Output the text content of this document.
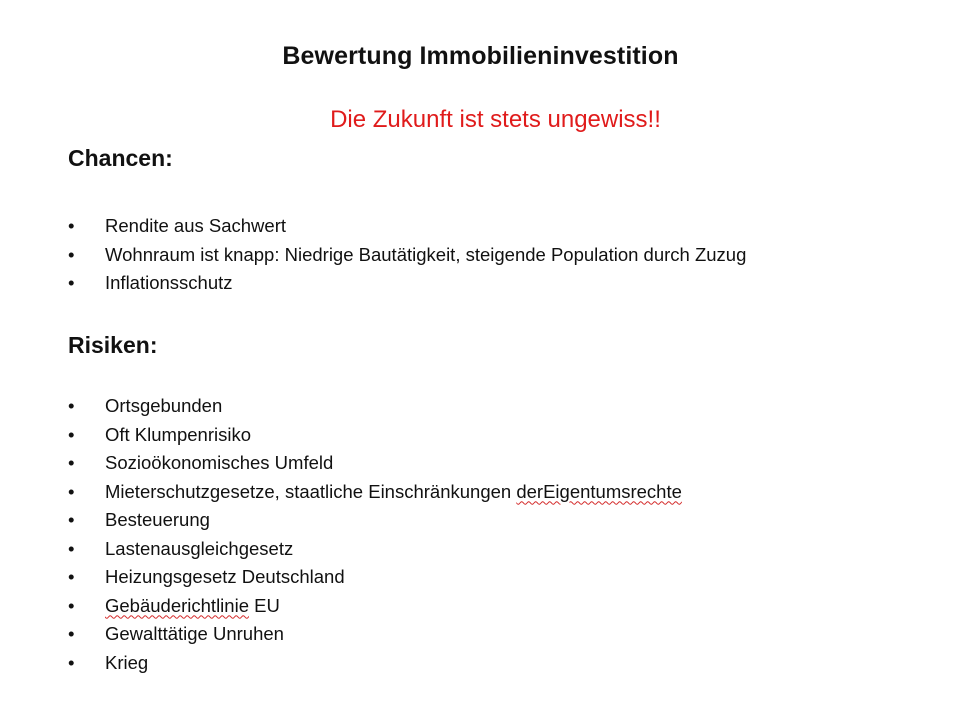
Bewertung Immobilieninvestition
Die Zukunft ist stets ungewiss!!
Chancen:
• Rendite aus Sachwert
• Wohnraum ist knapp: Niedrige Bautätigkeit, steigende Population durch Zuzug
• Inflationsschutz
Risiken:
• Ortsgebunden
• Oft Klumpenrisiko
• Sozioökonomisches Umfeld
• Mieterschutzgesetze, staatliche Einschränkungen derEigentumsrechte
• Besteuerung
• Lastenausgleichgesetz
• Heizungsgesetz Deutschland
• Gebäuderichtlinie EU
• Gewalttätige Unruhen
• Krieg
